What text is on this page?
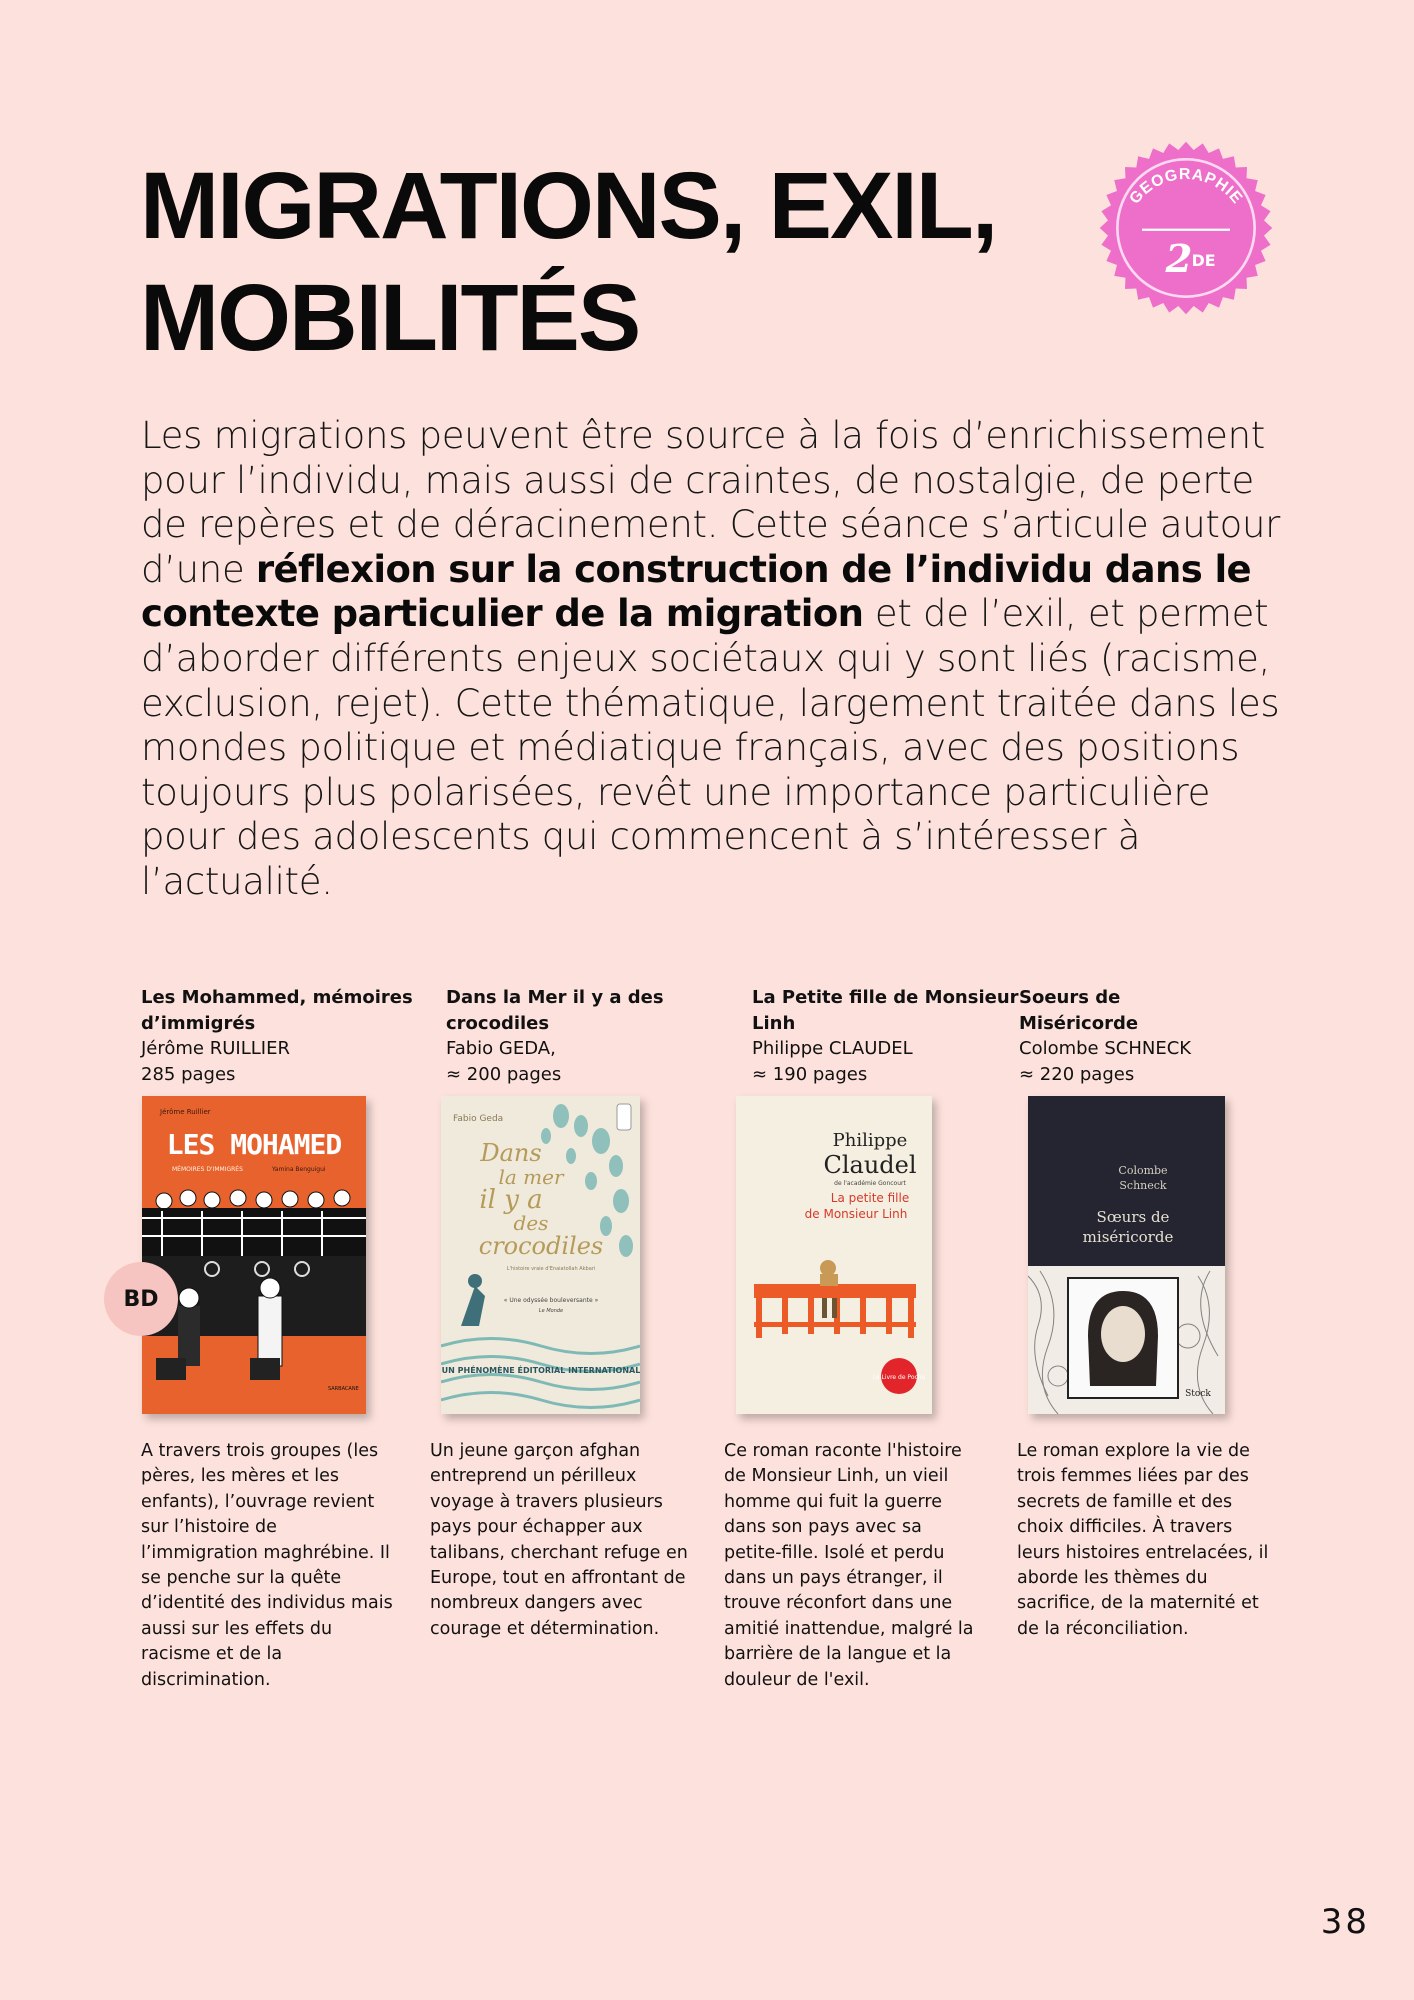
MIGRATIONS, EXIL,
MOBILITÉS
GEOGRAPHIE
2 DE

Les migrations peuvent être source à la fois d’enrichissement pour l’individu, mais aussi de craintes, de nostalgie, de perte de repères et de déracinement. Cette séance s’articule autour d’une réflexion sur la construction de l’individu dans le contexte particulier de la migration et de l’exil, et permet d’aborder différents enjeux sociétaux qui y sont liés (racisme, exclusion, rejet). Cette thématique, largement traitée dans les mondes politique et médiatique français, avec des positions toujours plus polarisées, revêt une importance particulière pour des adolescents qui commencent à s’intéresser à l’actualité.

Les Mohammed, mémoires d’immigrés
Jérôme RUILLIER
285 pages
Jérôme Ruillier
LES MOHAMED
MÉMOIRES D'IMMIGRÉS	Yamina Benguigui
SARBACANE
BD

A travers trois groupes (les pères, les mères et les enfants), l’ouvrage revient sur l’histoire de l’immigration maghrébine. Il se penche sur la quête d’identité des individus mais aussi sur les effets du racisme et de la discrimination.

Dans la Mer il y a des crocodiles
Fabio GEDA,
≈ 200 pages
Fabio Geda
Dans
la mer
il y a
des
crocodiles
L'histoire vraie d'Enaiatollah Akbari
« Une odyssée bouleversante »
Le Monde
UN PHÉNOMÈNE ÉDITORIAL INTERNATIONAL

Un jeune garçon afghan entreprend un périlleux voyage à travers plusieurs pays pour échapper aux talibans, cherchant refuge en Europe, tout en affrontant de nombreux dangers avec courage et détermination.

La Petite fille de Monsieur Linh
Philippe CLAUDEL
≈ 190 pages
Philippe
Claudel
de l'académie Goncourt
La petite fille
de Monsieur Linh
Le Livre de Poche

Ce roman raconte l'histoire de Monsieur Linh, un vieil homme qui fuit la guerre dans son pays avec sa petite-fille. Isolé et perdu dans un pays étranger, il trouve réconfort dans une amitié inattendue, malgré la barrière de la langue et la douleur de l'exil.

Soeurs de Miséricorde
Colombe SCHNECK
≈ 220 pages
Colombe
Schneck
Sœurs de
miséricorde
Stock

Le roman explore la vie de trois femmes liées par des secrets de famille et des choix difficiles. À travers leurs histoires entrelacées, il aborde les thèmes du sacrifice, de la maternité et de la réconciliation.

38
